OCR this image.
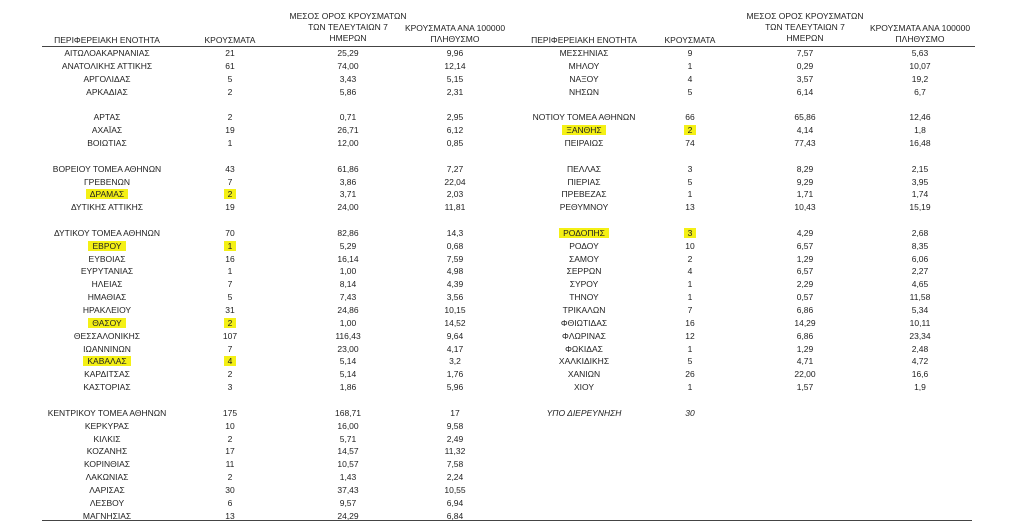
ΠΕΡΙΦΕΡΕΙΑΚΗ ΕΝΟΤΗΤΑ	ΚΡΟΥΣΜΑΤΑ
ΜΕΣΟΣ ΟΡΟΣ ΚΡΟΥΣΜΑΤΩΝ
ΤΩΝ ΤΕΛΕΥΤΑΙΩΝ 7
ΗΜΕΡΩΝ
ΚΡΟΥΣΜΑΤΑ ΑΝΑ 100000
ΠΛΗΘΥΣΜΟ	ΠΕΡΙΦΕΡΕΙΑΚΗ ΕΝΟΤΗΤΑ	ΚΡΟΥΣΜΑΤΑ
ΜΕΣΟΣ ΟΡΟΣ ΚΡΟΥΣΜΑΤΩΝ
ΤΩΝ ΤΕΛΕΥΤΑΙΩΝ 7
ΗΜΕΡΩΝ
ΚΡΟΥΣΜΑΤΑ ΑΝΑ 100000
ΠΛΗΘΥΣΜΟ
ΑΙΤΩΛΟΑΚΑΡΝΑΝΙΑΣ	21	25,29	9,96
ΑΝΑΤΟΛΙΚΗΣ ΑΤΤΙΚΗΣ	61	74,00	12,14
ΑΡΓΟΛΙΔΑΣ	5	3,43	5,15
ΑΡΚΑΔΙΑΣ	2	5,86	2,31
ΑΡΤΑΣ	2	0,71	2,95
ΑΧΑΪΑΣ	19	26,71	6,12
ΒΟΙΩΤΙΑΣ	1	12,00	0,85
ΒΟΡΕΙΟΥ ΤΟΜΕΑ ΑΘΗΝΩΝ	43	61,86	7,27
ΓΡΕΒΕΝΩΝ	7	3,86	22,04
ΔΡΑΜΑΣ	2	3,71	2,03
ΔΥΤΙΚΗΣ ΑΤΤΙΚΗΣ	19	24,00	11,81
ΔΥΤΙΚΟΥ ΤΟΜΕΑ ΑΘΗΝΩΝ	70	82,86	14,3
ΕΒΡΟΥ	1	5,29	0,68
ΕΥΒΟΙΑΣ	16	16,14	7,59
ΕΥΡΥΤΑΝΙΑΣ	1	1,00	4,98
ΗΛΕΙΑΣ	7	8,14	4,39
ΗΜΑΘΙΑΣ	5	7,43	3,56
ΗΡΑΚΛΕΙΟΥ	31	24,86	10,15
ΘΑΣΟΥ	2	1,00	14,52
ΘΕΣΣΑΛΟΝΙΚΗΣ	107	116,43	9,64
ΙΩΑΝΝΙΝΩΝ	7	23,00	4,17
ΚΑΒΑΛΑΣ	4	5,14	3,2
ΚΑΡΔΙΤΣΑΣ	2	5,14	1,76
ΚΑΣΤΟΡΙΑΣ	3	1,86	5,96
ΚΕΝΤΡΙΚΟΥ ΤΟΜΕΑ ΑΘΗΝΩΝ	175	168,71	17
ΚΕΡΚΥΡΑΣ	10	16,00	9,58
ΚΙΛΚΙΣ	2	5,71	2,49
ΚΟΖΑΝΗΣ	17	14,57	11,32
ΚΟΡΙΝΘΙΑΣ	11	10,57	7,58
ΛΑΚΩΝΙΑΣ	2	1,43	2,24
ΛΑΡΙΣΑΣ	30	37,43	10,55
ΛΕΣΒΟΥ	6	9,57	6,94
ΜΑΓΝΗΣΙΑΣ	13	24,29	6,84
ΜΕΣΣΗΝΙΑΣ	9	7,57	5,63
ΜΗΛΟΥ	1	0,29	10,07
ΝΑΞΟΥ	4	3,57	19,2
ΝΗΣΩΝ	5	6,14	6,7
ΝΟΤΙΟΥ ΤΟΜΕΑ ΑΘΗΝΩΝ	66	65,86	12,46
ΞΑΝΘΗΣ	2	4,14	1,8
ΠΕΙΡΑΙΩΣ	74	77,43	16,48
ΠΕΛΛΑΣ	3	8,29	2,15
ΠΙΕΡΙΑΣ	5	9,29	3,95
ΠΡΕΒΕΖΑΣ	1	1,71	1,74
ΡΕΘΥΜΝΟΥ	13	10,43	15,19
ΡΟΔΟΠΗΣ	3	4,29	2,68
ΡΟΔΟΥ	10	6,57	8,35
ΣΑΜΟΥ	2	1,29	6,06
ΣΕΡΡΩΝ	4	6,57	2,27
ΣΥΡΟΥ	1	2,29	4,65
ΤΗΝΟΥ	1	0,57	11,58
ΤΡΙΚΑΛΩΝ	7	6,86	5,34
ΦΘΙΩΤΙΔΑΣ	16	14,29	10,11
ΦΛΩΡΙΝΑΣ	12	6,86	23,34
ΦΩΚΙΔΑΣ	1	1,29	2,48
ΧΑΛΚΙΔΙΚΗΣ	5	4,71	4,72
ΧΑΝΙΩΝ	26	22,00	16,6
ΧΙΟΥ	1	1,57	1,9
ΥΠΟ ΔΙΕΡΕΥΝΗΣΗ	30
